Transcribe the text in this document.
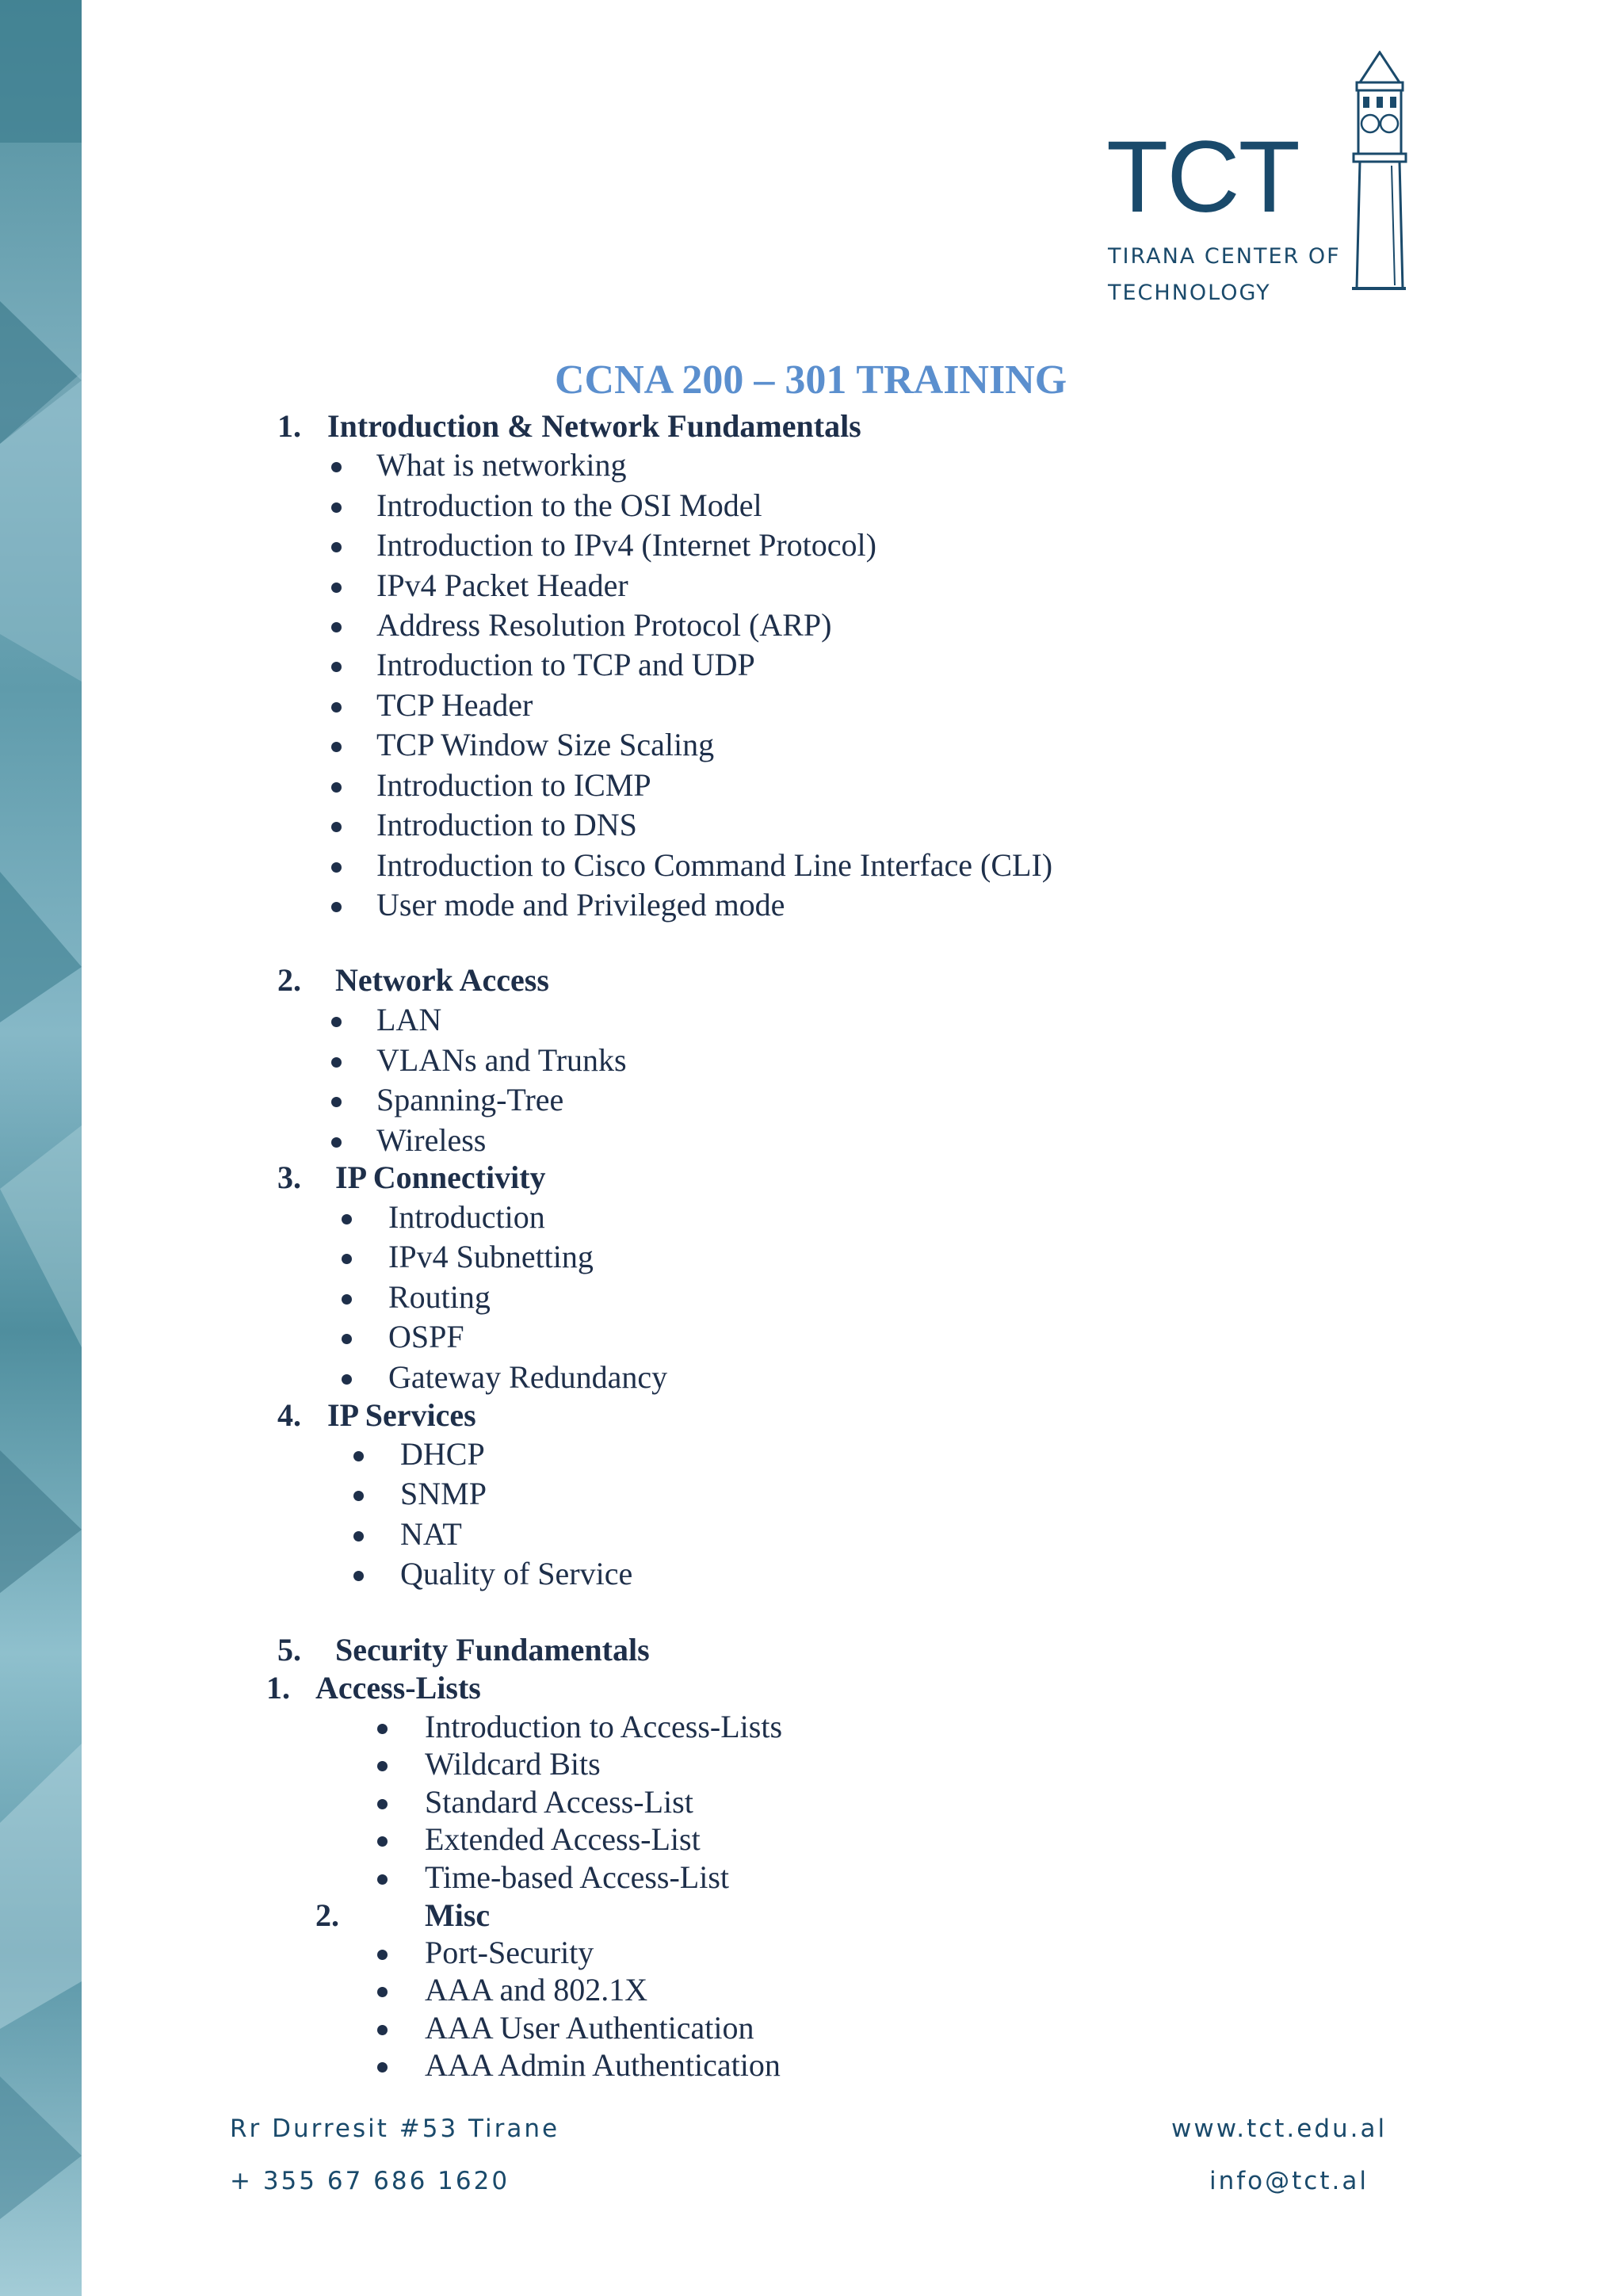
TCT
TIRANA CENTER OF
TECHNOLOGY
CCNA 200 – 301 TRAINING
1. Introduction & Network Fundamentals
What is networking
Introduction to the OSI Model
Introduction to IPv4 (Internet Protocol)
IPv4 Packet Header
Address Resolution Protocol (ARP)
Introduction to TCP and UDP
TCP Header
TCP Window Size Scaling
Introduction to ICMP
Introduction to DNS
Introduction to Cisco Command Line Interface (CLI)
User mode and Privileged mode
2. Network Access
LAN
VLANs and Trunks
Spanning-Tree
Wireless
3. IP Connectivity
Introduction
IPv4 Subnetting
Routing
OSPF
Gateway Redundancy
4. IP Services
DHCP
SNMP
NAT
Quality of Service
5. Security Fundamentals
1. Access-Lists
Introduction to Access-Lists
Wildcard Bits
Standard Access-List
Extended Access-List
Time-based Access-List
2.	Misc
Port-Security
AAA and 802.1X
AAA User Authentication
AAA Admin Authentication
Rr Durresit #53 Tirane
+ 355 67 686 1620
www.tct.edu.al
info@tct.al
